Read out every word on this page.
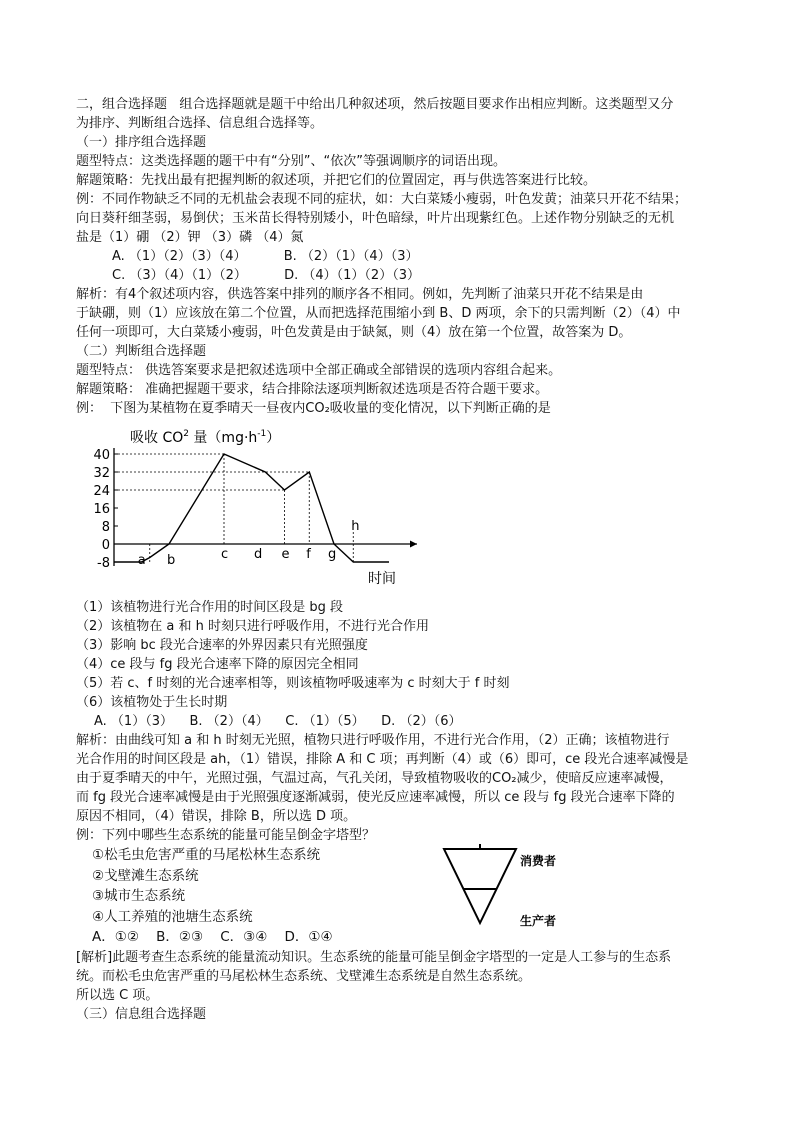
二，组合选择题   组合选择题就是题干中给出几种叙述项，然后按题目要求作出相应判断。这类题型又分

为排序、判断组合选择、信息组合选择等。

（一）排序组合选择题

题型特点：这类选择题的题干中有“分别”、“依次”等强调顺序的词语出现。

解题策略：先找出最有把握判断的叙述项，并把它们的位置固定，再与供选答案进行比较。

例：不同作物缺乏不同的无机盐会表现不同的症状，如：大白菜矮小瘦弱，叶色发黄；油菜只开花不结果；

向日葵秆细茎弱，易倒伏；玉米苗长得特别矮小，叶色暗绿，叶片出现紫红色。上述作物分别缺乏的无机

盐是（1）硼 （2）钾 （3）磷 （4）氮

A. （1）（2）（3）（4）         B. （2）（1）（4）（3）

C. （3）（4）（1）（2）         D. （4）（1）（2）（3）

解析：有4个叙述项内容，供选答案中排列的顺序各不相同。例如，先判断了油菜只开花不结果是由

于缺硼，则（1）应该放在第二个位置，从而把选择范围缩小到 B、D 两项，余下的只需判断（2）（4）中

任何一项即可，大白菜矮小瘦弱，叶色发黄是由于缺氮，则（4）放在第一个位置，故答案为 D。

（二）判断组合选择题

题型特点： 供选答案要求是把叙述选项中全部正确或全部错误的选项内容组合起来。

解题策略： 准确把握题干要求，结合排除法逐项判断叙述选项是否符合题干要求。

例：  下图为某植物在夏季晴天一昼夜内CO₂吸收量的变化情况，以下判断正确的是

吸收 $CO^2$ 量$(mg\cdot h^{-1})$
40
32
24
16
8
0
-8 a b	c d e f g
h
时间

（1）该植物进行光合作用的时间区段是 bg 段

（2）该植物在 a 和 h 时刻只进行呼吸作用，不进行光合作用

（3）影响 bc 段光合速率的外界因素只有光照强度

（4）ce 段与 fg 段光合速率下降的原因完全相同

（5）若 c、f 时刻的光合速率相等，则该植物呼吸速率为 c 时刻大于 f 时刻

（6）该植物处于生长时期

A. （1）（3）    B. （2）（4）    C. （1）（5）    D. （2）（6）

解析：由曲线可知 a 和 h 时刻无光照，植物只进行呼吸作用，不进行光合作用，（2）正确；该植物进行

光合作用的时间区段是 ah，（1）错误，排除 A 和 C 项；再判断（4）或（6）即可，ce 段光合速率减慢是

由于夏季晴天的中午，光照过强，气温过高，气孔关闭，导致植物吸收的CO₂减少，使暗反应速率减慢，

而 fg 段光合速率减慢是由于光照强度逐渐减弱，使光反应速率减慢，所以 ce 段与 fg 段光合速率下降的

原因不相同，（4）错误，排除 B，所以选 D 项。

例：下列中哪些生态系统的能量可能呈倒金字塔型？

①松毛虫危害严重的马尾松林生态系统

②戈壁滩生态系统

③城市生态系统

④人工养殖的池塘生态系统

消费者
生产者

A．①②    B．②③    C．③④    D．①④

[解析]此题考查生态系统的能量流动知识。生态系统的能量可能呈倒金字塔型的一定是人工参与的生态系

统。而松毛虫危害严重的马尾松林生态系统、戈壁滩生态系统是自然生态系统。

所以选 C 项。

（三）信息组合选择题
